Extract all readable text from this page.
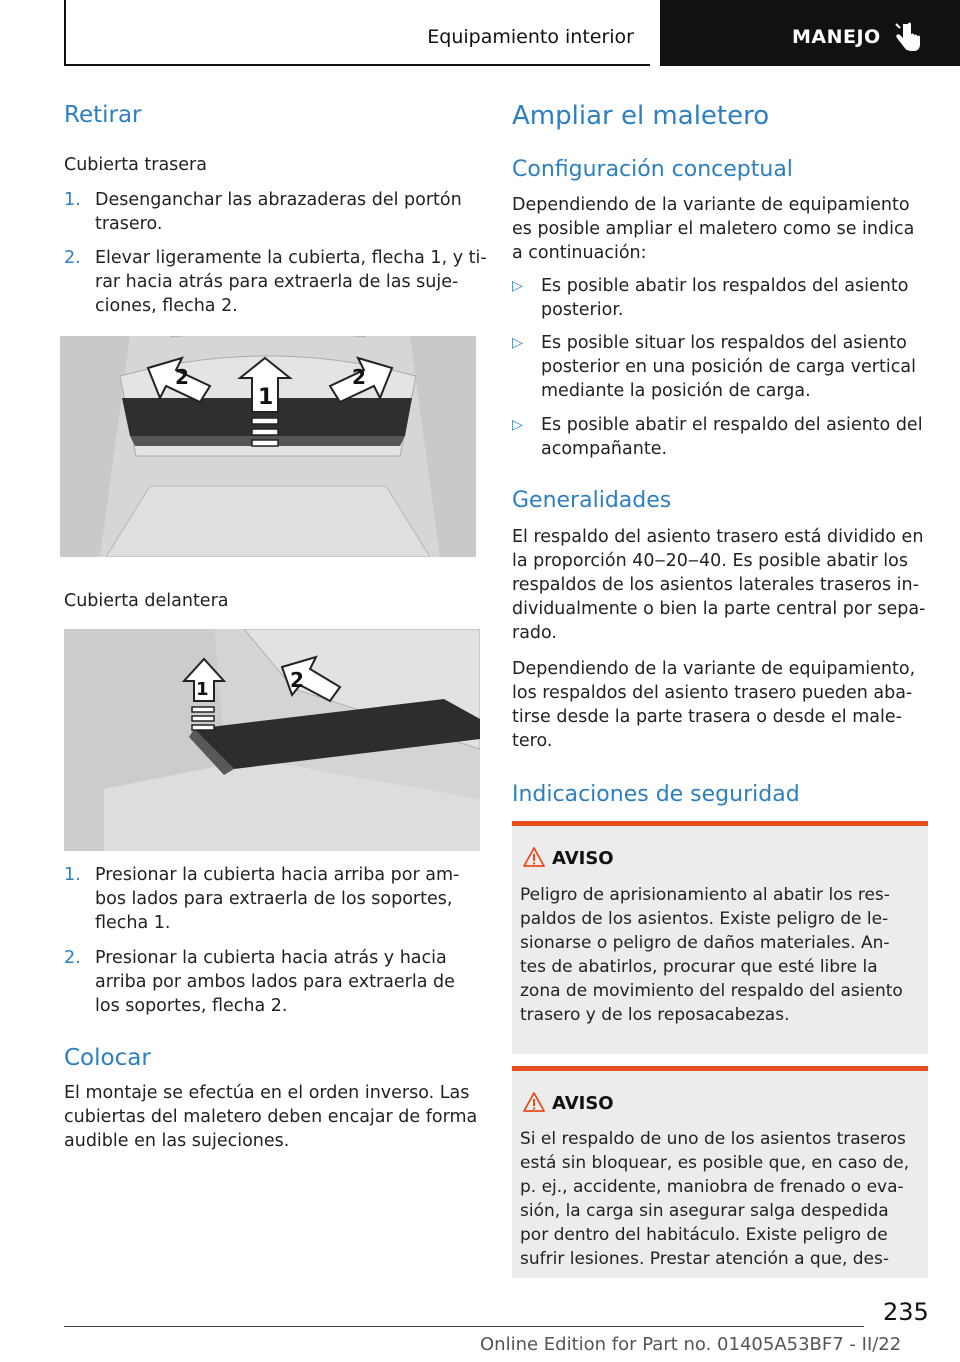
Equipamiento interior	MANEJO
Retirar
Cubierta trasera
1. Desenganchar las abrazaderas del portón
trasero.
2. Elevar ligeramente la cubierta, flecha 1, y ti‐
rar hacia atrás para extraerla de las suje‐
ciones, flecha 2.
2
1
2
Cubierta delantera
1	2
1. Presionar la cubierta hacia arriba por am‐
bos lados para extraerla de los soportes,
flecha 1.
2. Presionar la cubierta hacia atrás y hacia
arriba por ambos lados para extraerla de
los soportes, flecha 2.
Colocar
El montaje se efectúa en el orden inverso. Las
cubiertas del maletero deben encajar de forma
audible en las sujeciones.
Ampliar el maletero
Configuración conceptual
Dependiendo de la variante de equipamiento
es posible ampliar el maletero como se indica
a continuación:
▷ Es posible abatir los respaldos del asiento
posterior.
▷ Es posible situar los respaldos del asiento
posterior en una posición de carga vertical
mediante la posición de carga.
▷ Es posible abatir el respaldo del asiento del
acompañante.
Generalidades
El respaldo del asiento trasero está dividido en
la proporción 40‒20‒40. Es posible abatir los
respaldos de los asientos laterales traseros in‐
dividualmente o bien la parte central por sepa‐
rado.
Dependiendo de la variante de equipamiento,
los respaldos del asiento trasero pueden aba‐
tirse desde la parte trasera o desde el male‐
tero.
Indicaciones de seguridad
AVISO
Peligro de aprisionamiento al abatir los res‐
paldos de los asientos. Existe peligro de le‐
sionarse o peligro de daños materiales. An‐
tes de abatirlos, procurar que esté libre la
zona de movimiento del respaldo del asiento
trasero y de los reposacabezas.
AVISO
Si el respaldo de uno de los asientos traseros
está sin bloquear, es posible que, en caso de,
p. ej., accidente, maniobra de frenado o eva‐
sión, la carga sin asegurar salga despedida
por dentro del habitáculo. Existe peligro de
sufrir lesiones. Prestar atención a que, des‐
235
Online Edition for Part no. 01405A53BF7 - II/22
